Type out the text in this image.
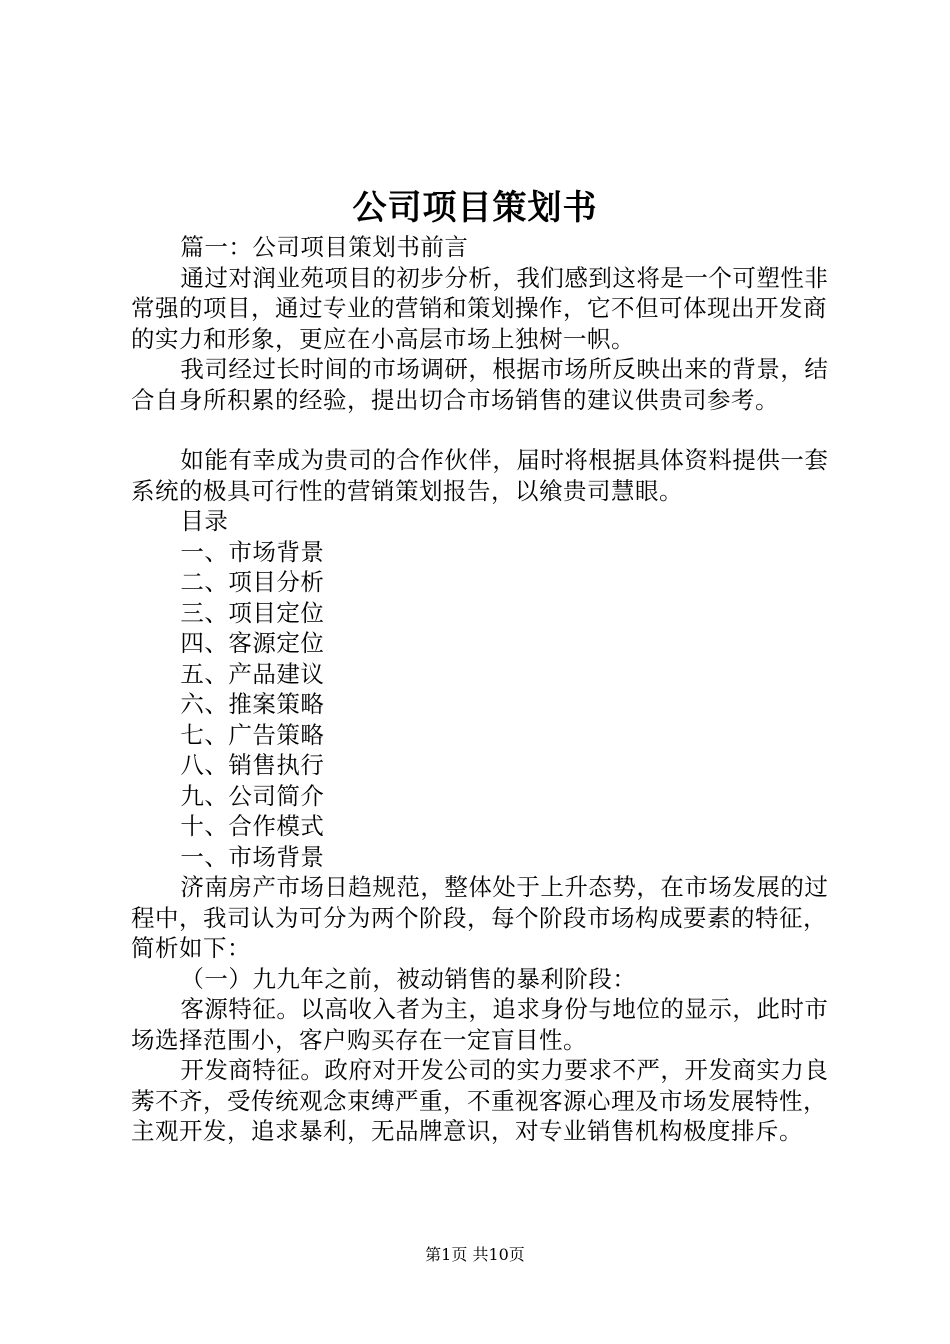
公司项目策划书

篇一：公司项目策划书前言

通过对润业苑项目的初步分析，我们感到这将是一个可塑性非常强的项目，通过专业的营销和策划操作，它不但可体现出开发商的实力和形象，更应在小高层市场上独树一帜。

我司经过长时间的市场调研，根据市场所反映出来的背景，结合自身所积累的经验，提出切合市场销售的建议供贵司参考。

如能有幸成为贵司的合作伙伴，届时将根据具体资料提供一套系统的极具可行性的营销策划报告，以飨贵司慧眼。

目录

一、市场背景
二、项目分析
三、项目定位
四、客源定位
五、产品建议
六、推案策略
七、广告策略
八、销售执行
九、公司简介
十、合作模式

一、市场背景

济南房产市场日趋规范，整体处于上升态势，在市场发展的过程中，我司认为可分为两个阶段，每个阶段市场构成要素的特征，简析如下：

（一）九九年之前，被动销售的暴利阶段：

客源特征。以高收入者为主，追求身份与地位的显示，此时市场选择范围小，客户购买存在一定盲目性。

开发商特征。政府对开发公司的实力要求不严，开发商实力良莠不齐，受传统观念束缚严重，不重视客源心理及市场发展特性，主观开发，追求暴利，无品牌意识，对专业销售机构极度排斥。

第1页 共10页
